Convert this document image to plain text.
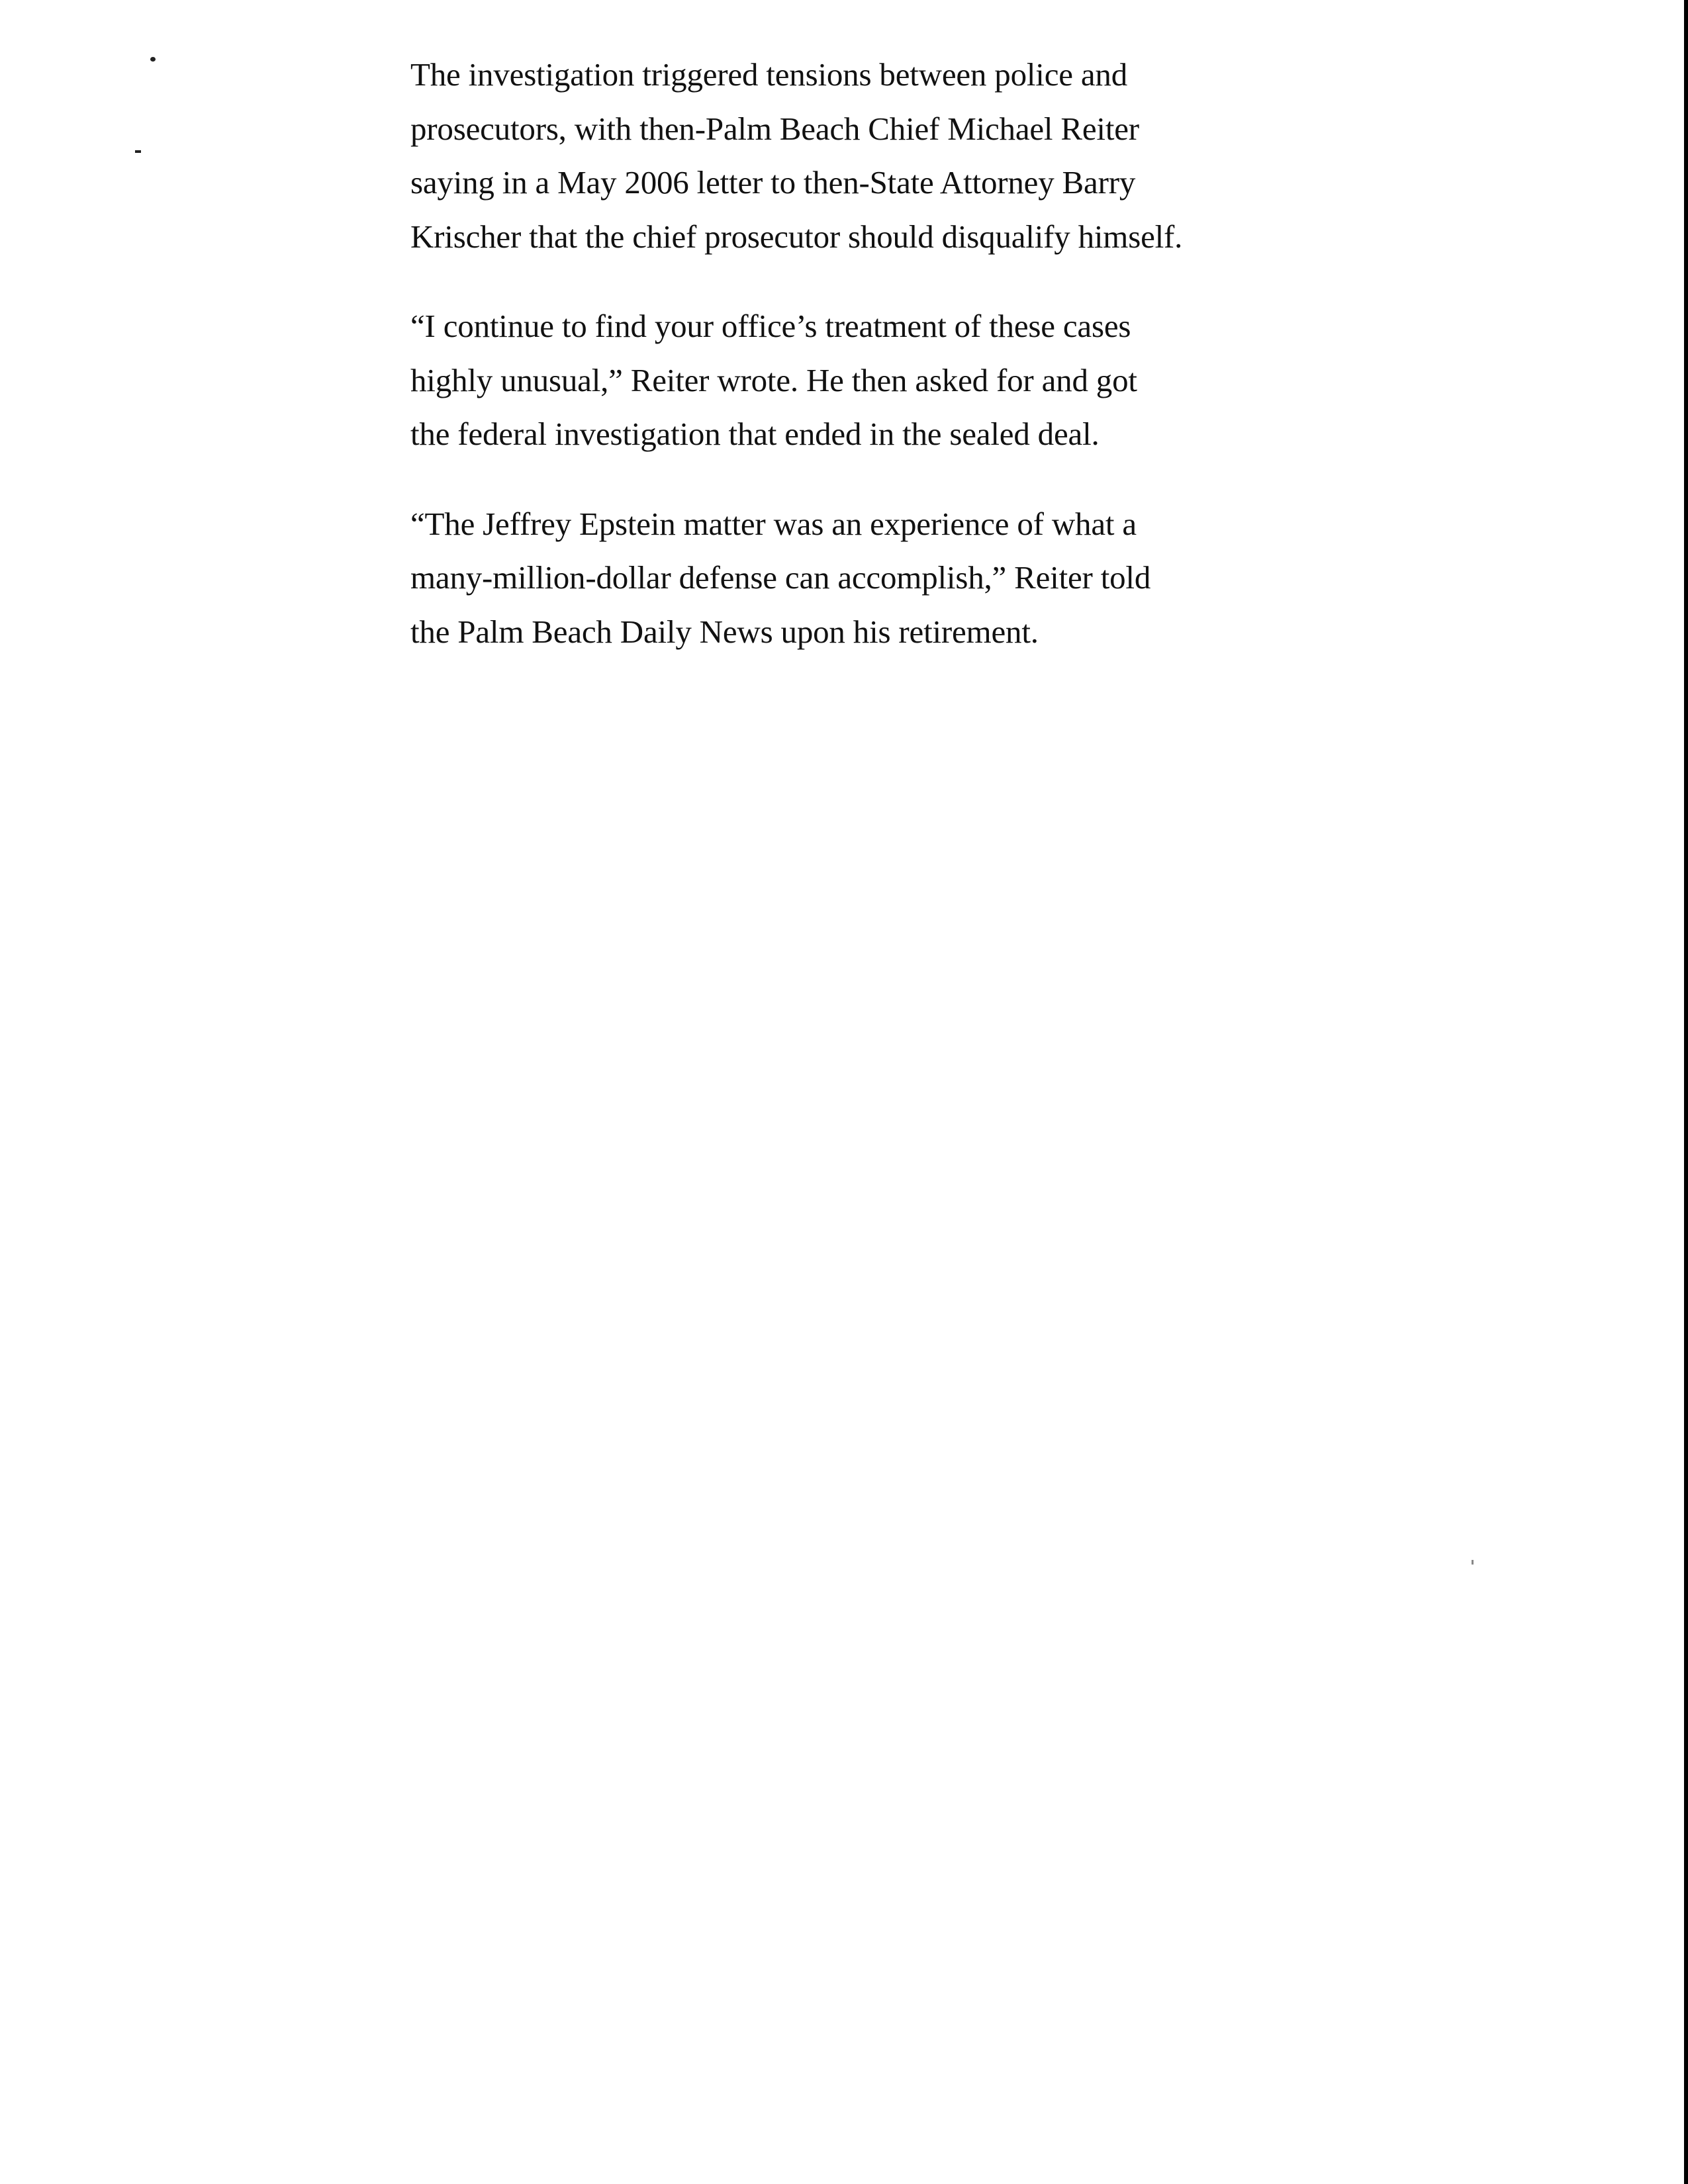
The investigation triggered tensions between police and
prosecutors, with then-Palm Beach Chief Michael Reiter
saying in a May 2006 letter to then-State Attorney Barry
Krischer that the chief prosecutor should disqualify himself.

“I continue to find your office’s treatment of these cases
highly unusual,” Reiter wrote. He then asked for and got
the federal investigation that ended in the sealed deal.

“The Jeffrey Epstein matter was an experience of what a
many-million-dollar defense can accomplish,” Reiter told
the Palm Beach Daily News upon his retirement.
